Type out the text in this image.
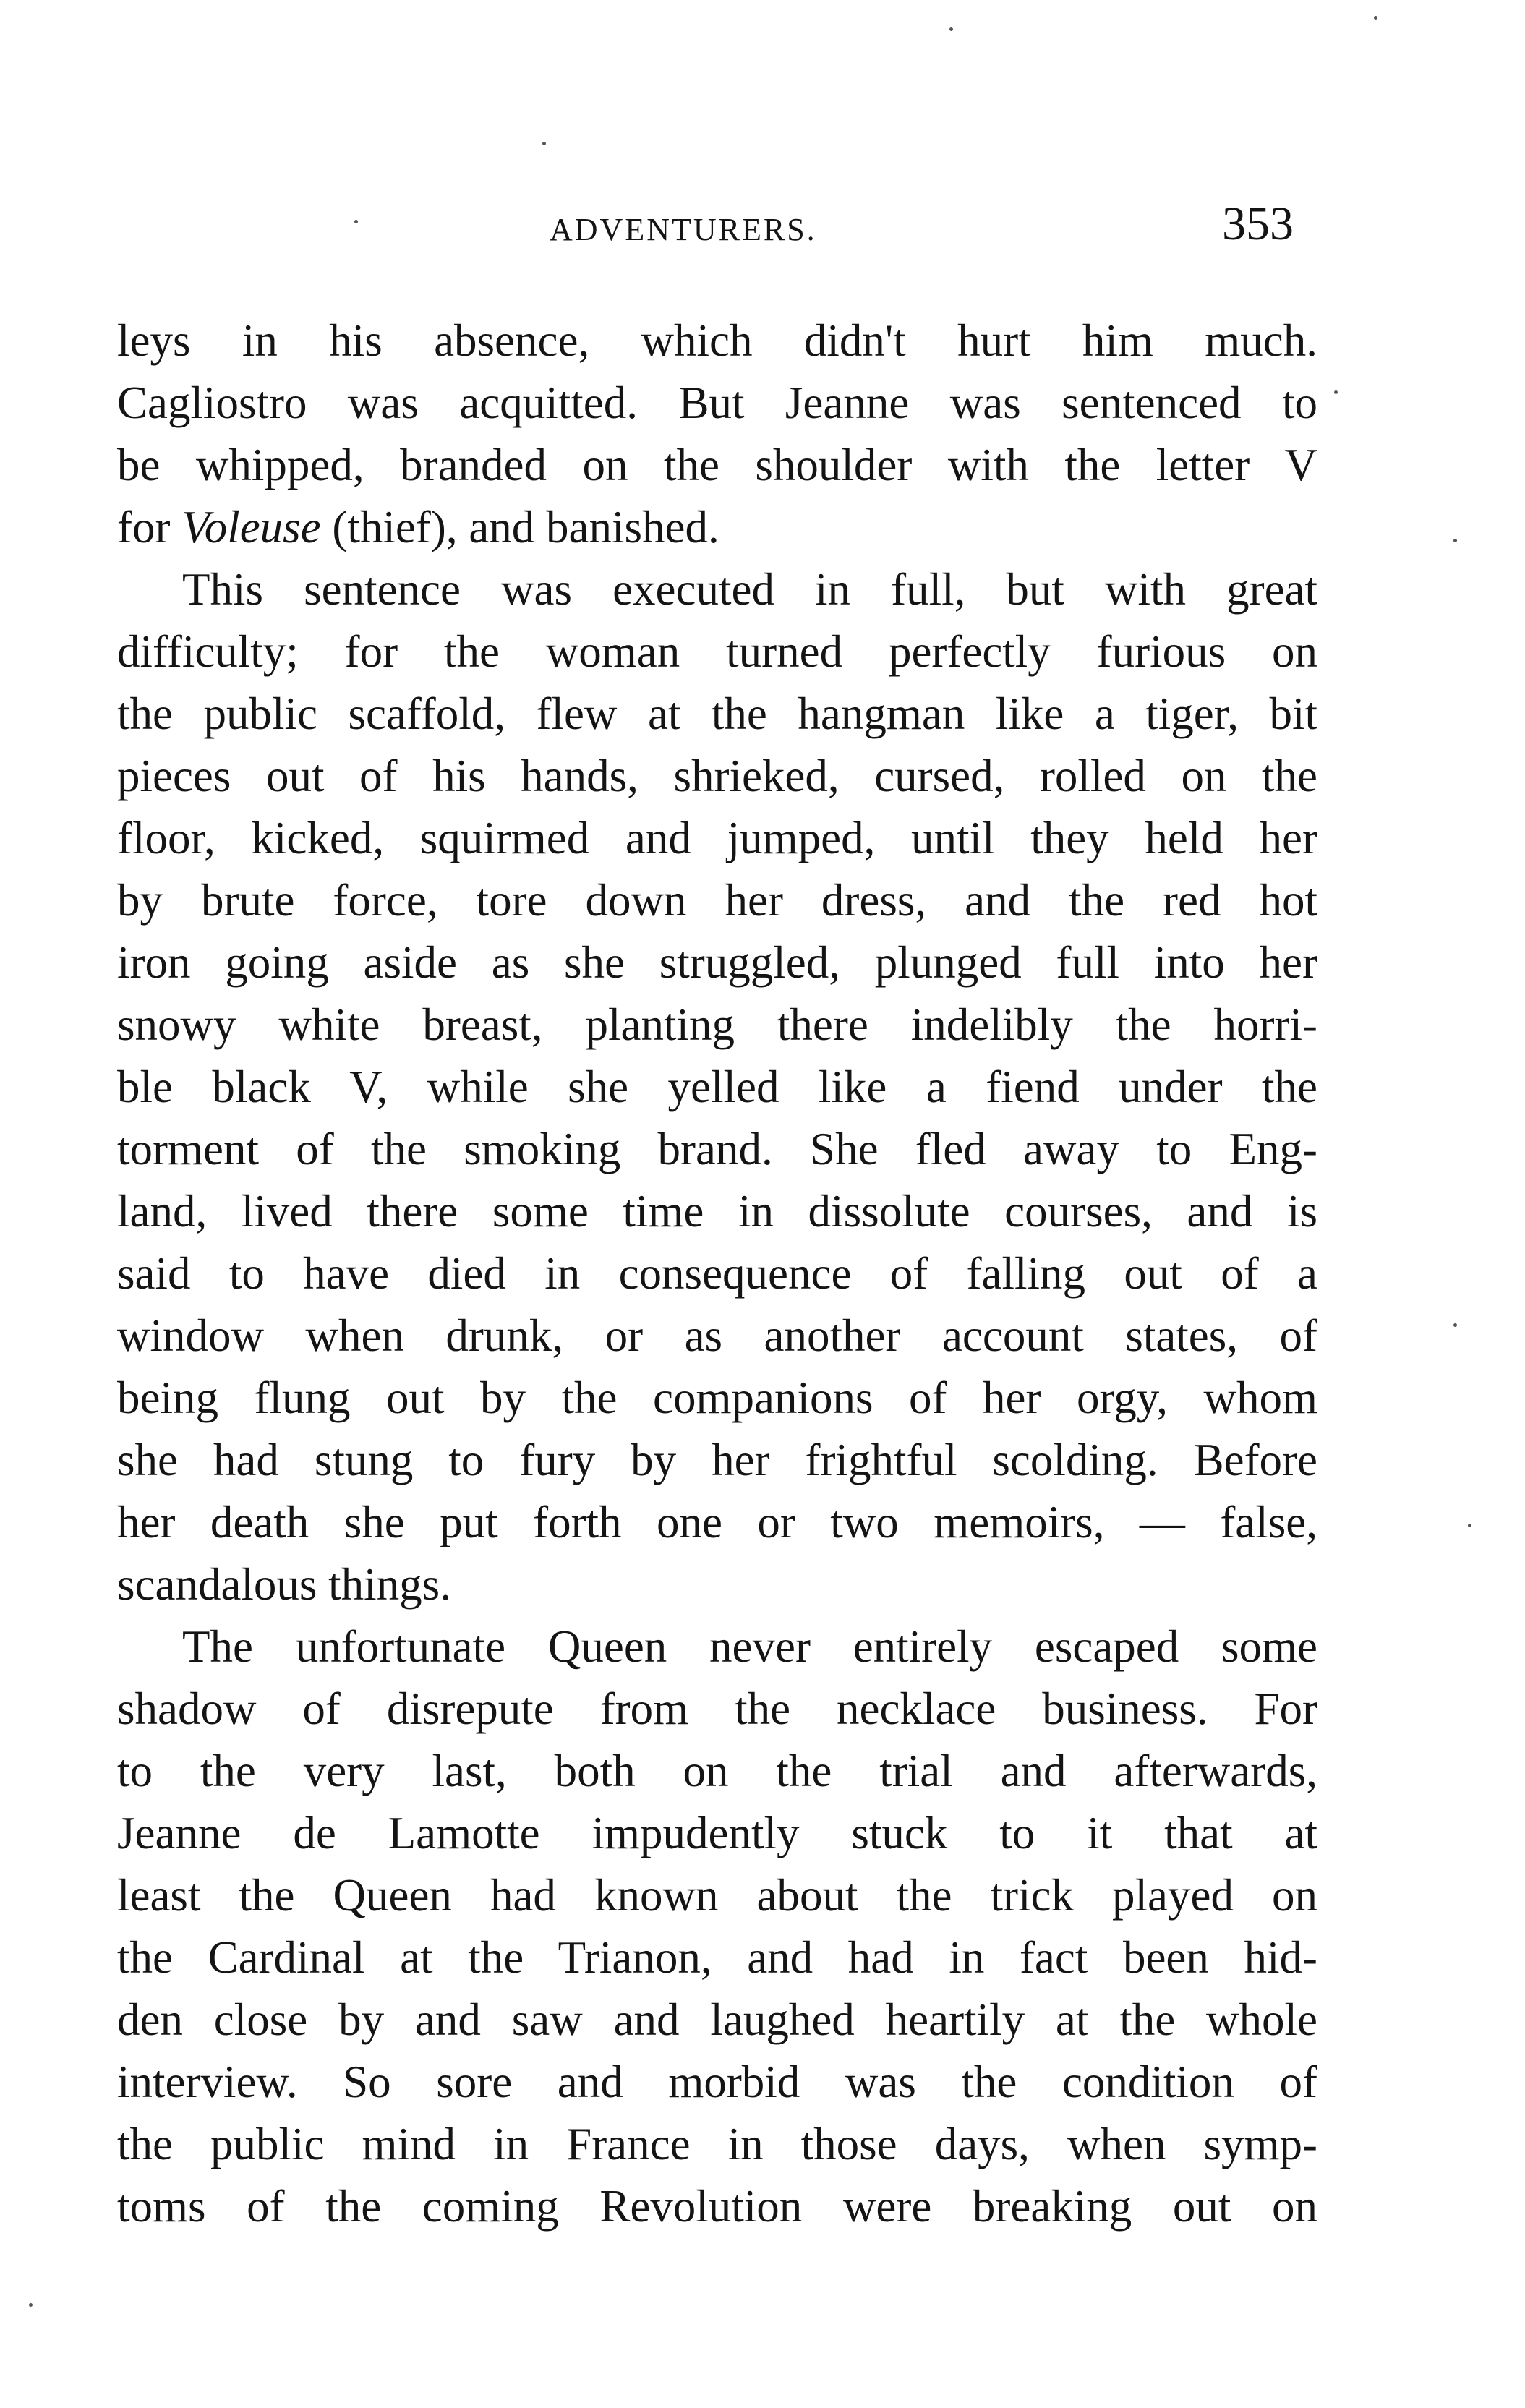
ADVENTURERS.	353
leys in his absence, which didn't hurt him much.
Cagliostro was acquitted. But Jeanne was sentenced to
be whipped, branded on the shoulder with the letter V
for Voleuse (thief), and banished.
This sentence was executed in full, but with great
difficulty; for the woman turned perfectly furious on
the public scaffold, flew at the hangman like a tiger, bit
pieces out of his hands, shrieked, cursed, rolled on the
floor, kicked, squirmed and jumped, until they held her
by brute force, tore down her dress, and the red hot
iron going aside as she struggled, plunged full into her
snowy white breast, planting there indelibly the horri-
ble black V, while she yelled like a fiend under the
torment of the smoking brand. She fled away to Eng-
land, lived there some time in dissolute courses, and is
said to have died in consequence of falling out of a
window when drunk, or as another account states, of
being flung out by the companions of her orgy, whom
she had stung to fury by her frightful scolding. Before
her death she put forth one or two memoirs, — false,
scandalous things.
The unfortunate Queen never entirely escaped some
shadow of disrepute from the necklace business. For
to the very last, both on the trial and afterwards,
Jeanne de Lamotte impudently stuck to it that at
least the Queen had known about the trick played on
the Cardinal at the Trianon, and had in fact been hid-
den close by and saw and laughed heartily at the whole
interview. So sore and morbid was the condition of
the public mind in France in those days, when symp-
toms of the coming Revolution were breaking out on
